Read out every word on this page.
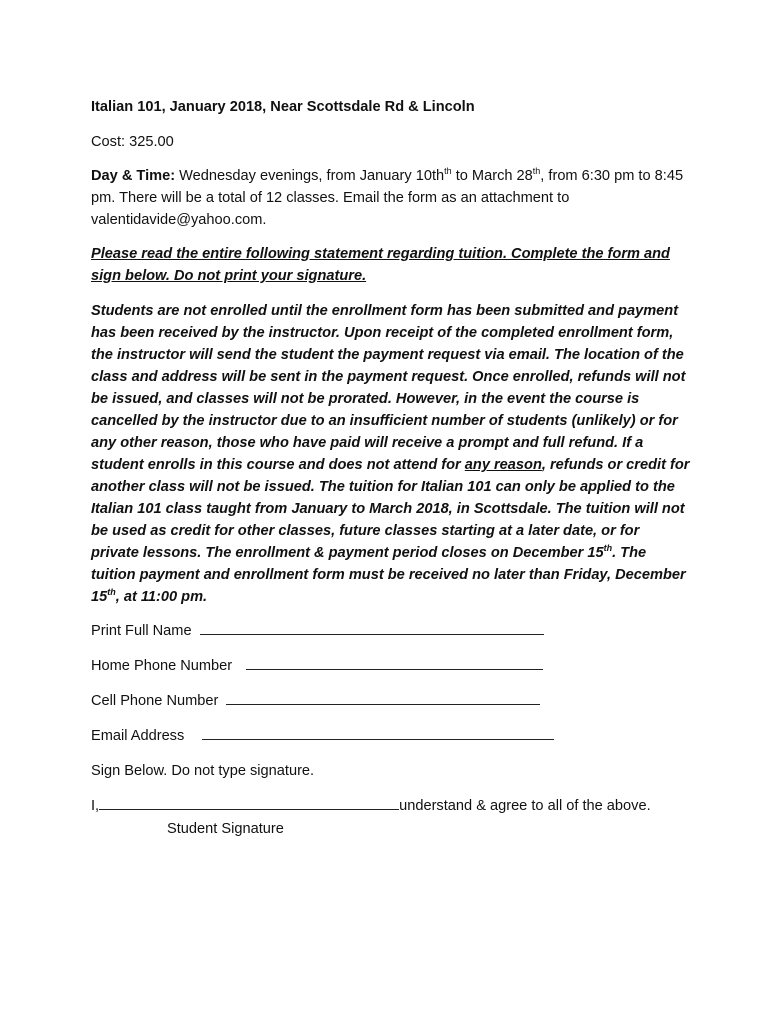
Italian 101, January 2018, Near Scottsdale Rd & Lincoln

Cost: 325.00

Day & Time: Wednesday evenings, from January $10th^{th}$ to March 28th, from 6:30 pm to 8:45 pm. There will be a total of 12 classes. Email the form as an attachment to valentidavide@yahoo.com.

Please read the entire following statement regarding tuition. Complete the form and sign below. Do not print your signature.

Students are not enrolled until the enrollment form has been submitted and payment has been received by the instructor. Upon receipt of the completed enrollment form, the instructor will send the student the payment request via email. The location of the class and address will be sent in the payment request. Once enrolled, refunds will not be issued, and classes will not be prorated. However, in the event the course is cancelled by the instructor due to an insufficient number of students (unlikely) or for any other reason, those who have paid will receive a prompt and full refund. If a student enrolls in this course and does not attend for any reason, refunds or credit for another class will not be issued. The tuition for Italian 101 can only be applied to the Italian 101 class taught from January to March 2018, in Scottsdale. The tuition will not be used as credit for other classes, future classes starting at a later date, or for private lessons. The enrollment & payment period closes on December 15th. The tuition payment and enrollment form must be received no later than Friday, December 15th, at 11:00 pm.

Print Full Name
Home Phone Number
Cell Phone Number
Email Address
Sign Below. Do not type signature.
I,	understand & agree to all of the above.
Student Signature
